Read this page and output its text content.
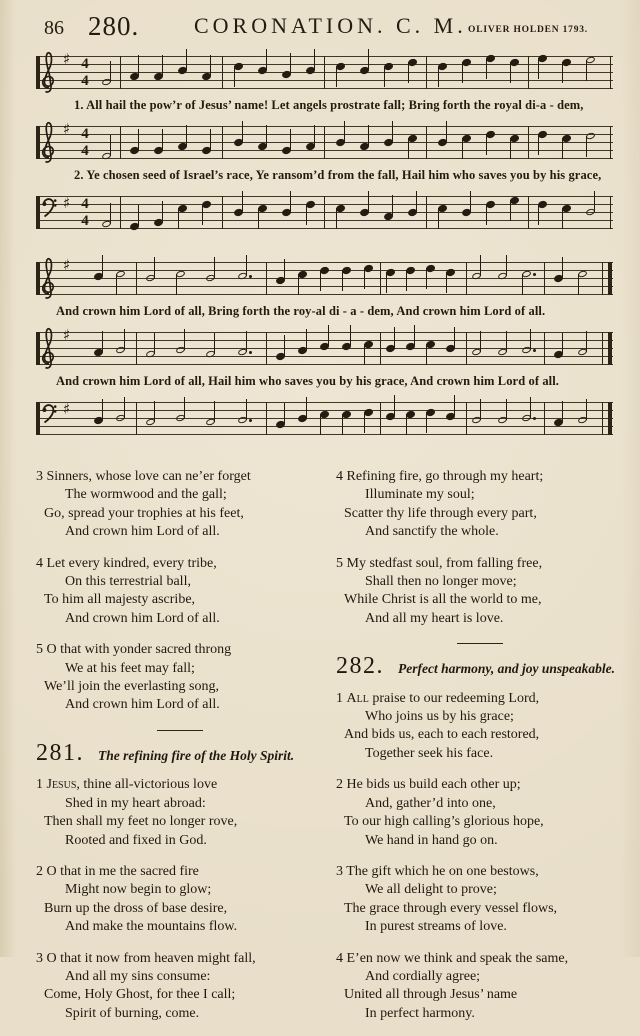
86 280. CORONATION. C. M. OLIVER HOLDEN 1793.
♯ 4
4
1. All hail the pow’r of Jesus’ name! Let angels prostrate fall; Bring forth the royal di-a - dem,
♯ 4
4
2. Ye chosen seed of Israel’s race, Ye ransom’d from the fall, Hail him who saves you by his grace,
♯ 4
4
♯
And crown him Lord of all, Bring forth the roy-al di - a - dem, And crown him Lord of all.
♯
And crown him Lord of all, Hail him who saves you by his grace, And crown him Lord of all.
♯
3 Sinners, whose love can ne’er forget
The wormwood and the gall;
Go, spread your trophies at his feet,
And crown him Lord of all.
4 Let every kindred, every tribe,
On this terrestrial ball,
To him all majesty ascribe,
And crown him Lord of all.
5 O that with yonder sacred throng
We at his feet may fall;
We’ll join the everlasting song,
And crown him Lord of all.
281. The refining fire of the Holy Spirit.
1 Jesus, thine all-victorious love
Shed in my heart abroad:
Then shall my feet no longer rove,
Rooted and fixed in God.
2 O that in me the sacred fire
Might now begin to glow;
Burn up the dross of base desire,
And make the mountains flow.
3 O that it now from heaven might fall,
And all my sins consume:
Come, Holy Ghost, for thee I call;
Spirit of burning, come.
4 Refining fire, go through my heart;
Illuminate my soul;
Scatter thy life through every part,
And sanctify the whole.
5 My stedfast soul, from falling free,
Shall then no longer move;
While Christ is all the world to me,
And all my heart is love.
282. Perfect harmony, and joy unspeakable.
1 All praise to our redeeming Lord,
Who joins us by his grace;
And bids us, each to each restored,
Together seek his face.
2 He bids us build each other up;
And, gather’d into one,
To our high calling’s glorious hope,
We hand in hand go on.
3 The gift which he on one bestows,
We all delight to prove;
The grace through every vessel flows,
In purest streams of love.
4 E’en now we think and speak the same,
And cordially agree;
United all through Jesus’ name
In perfect harmony.
